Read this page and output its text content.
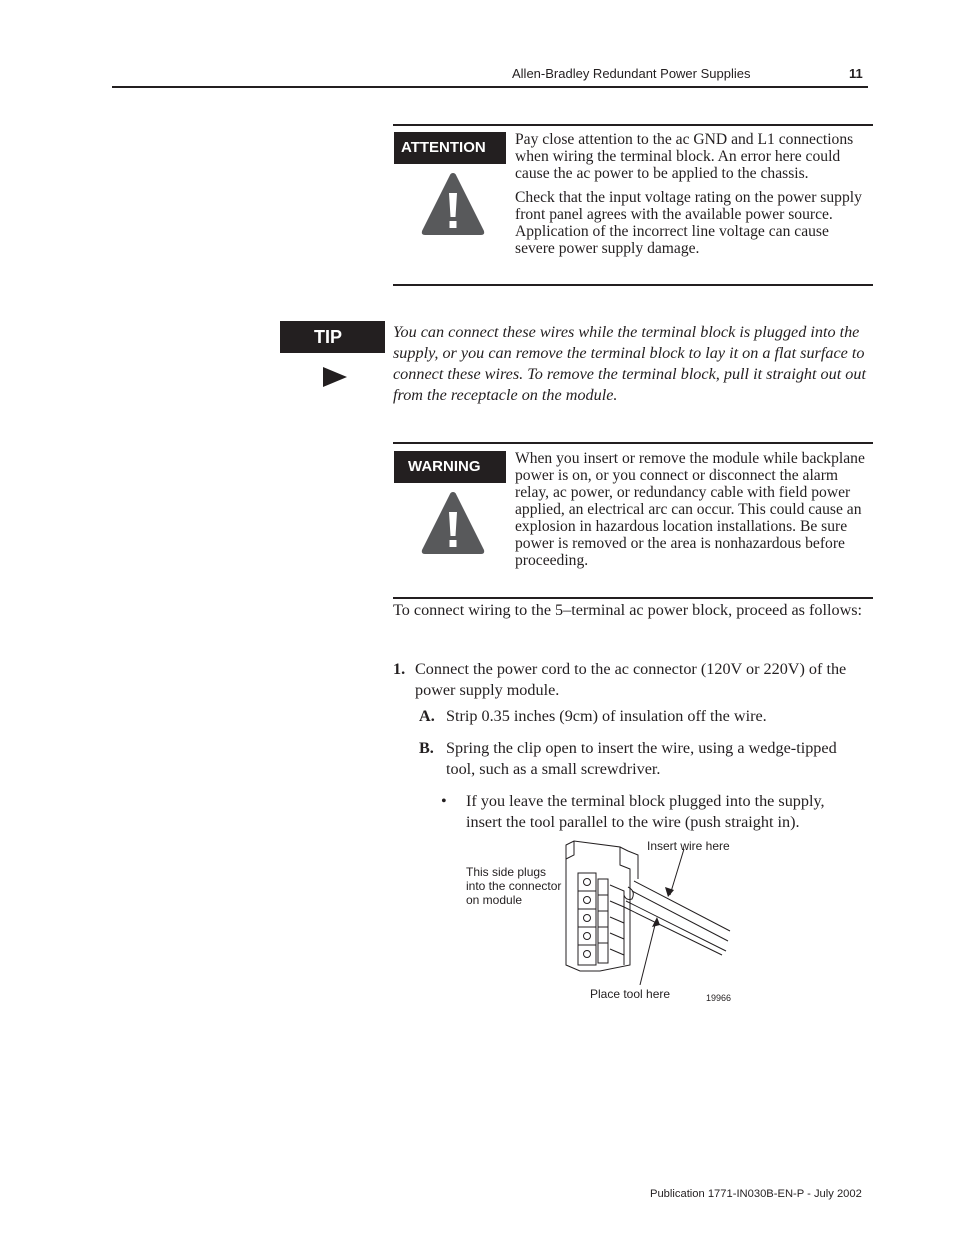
Allen-Bradley Redundant Power Supplies	11
ATTENTION	Pay close attention to the ac GND and L1 connections when wiring the terminal block. An error here could cause the ac power to be applied to the chassis.

Check that the input voltage rating on the power supply front panel agrees with the available power source. Application of the incorrect line voltage can cause severe power supply damage.

TIP	You can connect these wires while the terminal block is plugged into the supply, or you can remove the terminal block to lay it on a flat surface to connect these wires. To remove the terminal block, pull it straight out out from the receptacle on the module.
WARNING	When you insert or remove the module while backplane power is on, or you connect or disconnect the alarm relay, ac power, or redundancy cable with field power applied, an electrical arc can occur. This could cause an explosion in hazardous location installations. Be sure power is removed or the area is nonhazardous before proceeding.

To connect wiring to the 5–terminal ac power block, proceed as follows:
1. Connect the power cord to the ac connector (120V or 220V) of the power supply module.
A. Strip 0.35 inches (9cm) of insulation off the wire.
B. Spring the clip open to insert the wire, using a wedge-tipped tool, such as a small screwdriver.
• If you leave the terminal block plugged into the supply, insert the tool parallel to the wire (push straight in).
Insert wire here
This side plugs into the connector on module
Place tool here	19966
Publication 1771-IN030B-EN-P - July 2002
